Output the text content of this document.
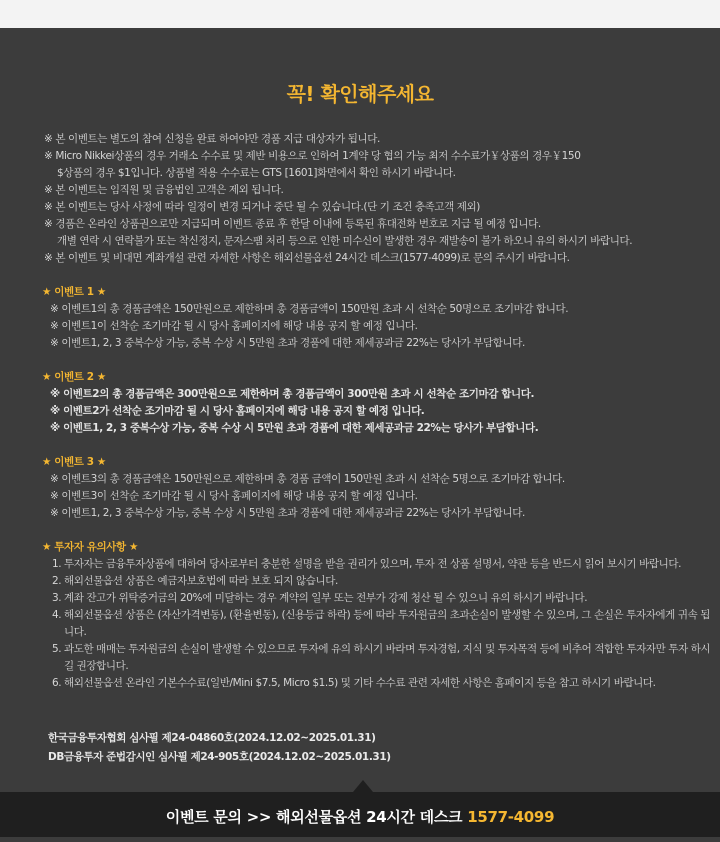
꼭! 확인해주세요
※ 본 이벤트는 별도의 참여 신청을 완료 하여야만 경품 지급 대상자가 됩니다.
※ Micro Nikkei상품의 경우 거래소 수수료 및 제반 비용으로 인하여 1계약 당 협의 가능 최저 수수료가￥상품의 경우￥150
$상품의 경우 $1입니다. 상품별 적용 수수료는 GTS [1601]화면에서 확인 하시기 바랍니다.
※ 본 이벤트는 임직원 및 금융법인 고객은 제외 됩니다.
※ 본 이벤트는 당사 사정에 따라 일정이 변경 되거나 중단 될 수 있습니다.(단 기 조건 충족고객 제외)
※ 경품은 온라인 상품권으로만 지급되며 이벤트 종료 후 한달 이내에 등록된 휴대전화 번호로 지급 될 예정 입니다.
개별 연락 시 연락불가 또는 착신정지, 문자스팸 처리 등으로 인한 미수신이 발생한 경우 재발송이 불가 하오니 유의 하시기 바랍니다.
※ 본 이벤트 및 비대면 계좌개설 관련 자세한 사항은 해외선물옵션 24시간 데스크(1577-4099)로 문의 주시기 바랍니다.
★ 이벤트 1 ★
※ 이벤트1의 총 경품금액은 150만원으로 제한하며 총 경품금액이 150만원 초과 시 선착순 50명으로 조기마감 합니다.
※ 이벤트1이 선착순 조기마감 될 시 당사 홈페이지에 해당 내용 공지 할 예정 입니다.
※ 이벤트1, 2, 3 중복수상 가능, 중복 수상 시 5만원 초과 경품에 대한 제세공과금 22%는 당사가 부담합니다.
★ 이벤트 2 ★
※ 이벤트2의 총 경품금액은 300만원으로 제한하며 총 경품금액이 300만원 초과 시 선착순 조기마감 합니다.
※ 이벤트2가 선착순 조기마감 될 시 당사 홈페이지에 해당 내용 공지 할 예정 입니다.
※ 이벤트1, 2, 3 중복수상 가능, 중복 수상 시 5만원 초과 경품에 대한 제세공과금 22%는 당사가 부담합니다.
★ 이벤트 3 ★
※ 이벤트3의 총 경품금액은 150만원으로 제한하며 총 경품 금액이 150만원 초과 시 선착순 5명으로 조기마감 합니다.
※ 이벤트3이 선착순 조기마감 될 시 당사 홈페이지에 해당 내용 공지 할 예정 입니다.
※ 이벤트1, 2, 3 중복수상 가능, 중복 수상 시 5만원 초과 경품에 대한 제세공과금 22%는 당사가 부담합니다.
★ 투자자 유의사항 ★
1. 투자자는 금융투자상품에 대하여 당사로부터 충분한 설명을 받을 권리가 있으며, 투자 전 상품 설명서, 약관 등을 반드시 읽어 보시기 바랍니다.
2. 해외선물옵션 상품은 예금자보호법에 따라 보호 되지 않습니다.
3. 계좌 잔고가 위탁증거금의 20%에 미달하는 경우 계약의 일부 또는 전부가 강제 청산 될 수 있으니 유의 하시기 바랍니다.
4. 해외선물옵션 상품은 (자산가격변동), (환율변동), (신용등급 하락) 등에 따라 투자원금의 초과손실이 발생할 수 있으며, 그 손실은 투자자에게 귀속 됩니다.
5. 과도한 매매는 투자원금의 손실이 발생할 수 있으므로 투자에 유의 하시기 바라며 투자경험, 지식 및 투자목적 등에 비추어 적합한 투자자만 투자 하시 길 권장합니다.
6. 해외선물옵션 온라인 기본수수료(일반/Mini $7.5, Micro $1.5) 및 기타 수수료 관련 자세한 사항은 홈페이지 등을 참고 하시기 바랍니다.
한국금융투자협회 심사필 제24-04860호(2024.12.02~2025.01.31)
DB금융투자 준법감시인 심사필 제24-905호(2024.12.02~2025.01.31)
이벤트 문의 >> 해외선물옵션 24시간 데스크 1577-4099
